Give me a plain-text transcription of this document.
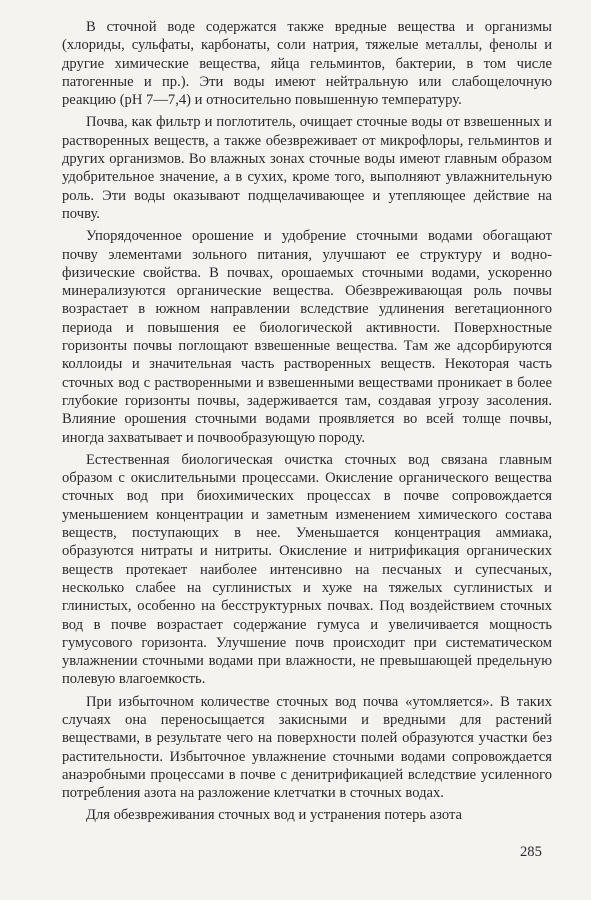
В сточной воде содержатся также вредные вещества и организмы (хлориды, сульфаты, карбонаты, соли натрия, тяжелые металлы, фенолы и другие химические вещества, яйца гельминтов, бактерии, в том числе патогенные и пр.). Эти воды имеют нейтральную или слабощелочную реакцию (pH 7—7,4) и относительно повышенную температуру.

Почва, как фильтр и поглотитель, очищает сточные воды от взвешенных и растворенных веществ, а также обезвреживает от микрофлоры, гельминтов и других организмов. Во влажных зонах сточные воды имеют главным образом удобрительное значение, а в сухих, кроме того, выполняют увлажнительную роль. Эти воды оказывают подщелачивающее и утепляющее действие на почву.

Упорядоченное орошение и удобрение сточными водами обогащают почву элементами зольного питания, улучшают ее структуру и водно-физические свойства. В почвах, орошаемых сточными водами, ускоренно минерализуются органические вещества. Обезвреживающая роль почвы возрастает в южном направлении вследствие удлинения вегетационного периода и повышения ее биологической активности. Поверхностные горизонты почвы поглощают взвешенные вещества. Там же адсорбируются коллоиды и значительная часть растворенных веществ. Некоторая часть сточных вод с растворенными и взвешенными веществами проникает в более глубокие горизонты почвы, задерживается там, создавая угрозу засоления. Влияние орошения сточными водами проявляется во всей толще почвы, иногда захватывает и почвообразующую породу.

Естественная биологическая очистка сточных вод связана главным образом с окислительными процессами. Окисление органического вещества сточных вод при биохимических процессах в почве сопровождается уменьшением концентрации и заметным изменением химического состава веществ, поступающих в нее. Уменьшается концентрация аммиака, образуются нитраты и нитриты. Окисление и нитрификация органических веществ протекает наиболее интенсивно на песчаных и супесчаных, несколько слабее на суглинистых и хуже на тяжелых суглинистых и глинистых, особенно на бесструктурных почвах. Под воздействием сточных вод в почве возрастает содержание гумуса и увеличивается мощность гумусового горизонта. Улучшение почв происходит при систематическом увлажнении сточными водами при влажности, не превышающей предельную полевую влагоемкость.

При избыточном количестве сточных вод почва «утомляется». В таких случаях она переносыщается закисными и вредными для растений веществами, в результате чего на поверхности полей образуются участки без растительности. Избыточное увлажнение сточными водами сопровождается анаэробными процессами в почве с денитрификацией вследствие усиленного потребления азота на разложение клетчатки в сточных водах.

Для обезвреживания сточных вод и устранения потерь азота

285
